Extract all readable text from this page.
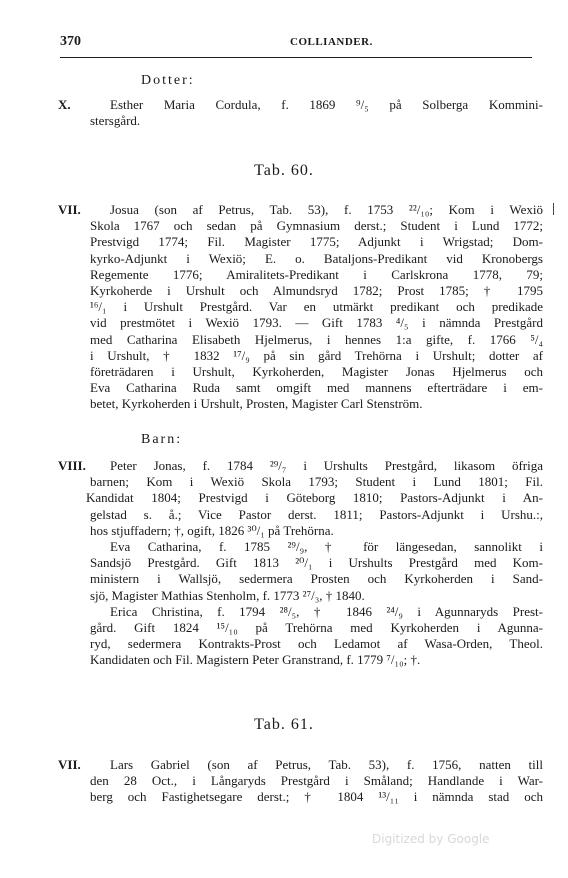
370	COLLIANDER.
Dotter:
X.	Esther Maria Cordula, f. 1869 ⁹/₅ på Solberga Kommini-
stersgård.
Tab. 60.
VII.	Josua (son af Petrus, Tab. 53), f. 1753 ²²/₁₀; Kom i Wexiö
Skola 1767 och sedan på Gymnasium derst.; Student i Lund 1772;
Prestvigd 1774; Fil. Magister 1775; Adjunkt i Wrigstad; Dom-
kyrko-Adjunkt i Wexiö; E. o. Bataljons-Predikant vid Kronobergs
Regemente 1776; Amiralitets-Predikant i Carlskrona 1778, 79;
Kyrkoherde i Urshult och Almundsryd 1782; Prost 1785; † 1795
¹⁶/₁ i Urshult Prestgård. Var en utmärkt predikant och predikade
vid prestmötet i Wexiö 1793. — Gift 1783 ⁴/₅ i nämnda Prestgård
med Catharina Elisabeth Hjelmerus, i hennes 1:a gifte, f. 1766 ⁵/₄
i Urshult, † 1832 ¹⁷/₉ på sin gård Trehörna i Urshult; dotter af
företrädaren i Urshult, Kyrkoherden, Magister Jonas Hjelmerus och
Eva Catharina Ruda samt omgift med mannens efterträdare i em-
betet, Kyrkoherden i Urshult, Prosten, Magister Carl Stenström.
Barn:
VIII.	Peter Jonas, f. 1784 ²⁹/₇ i Urshults Prestgård, likasom öfriga
barnen; Kom i Wexiö Skola 1793; Student i Lund 1801; Fil.
Kandidat 1804; Prestvigd i Göteborg 1810; Pastors-Adjunkt i An-
gelstad s. å.; Vice Pastor derst. 1811; Pastors-Adjunkt i Urshu.:,
hos stjuffadern; †, ogift, 1826 ³⁰/₁ på Trehörna.
Eva Catharina, f. 1785 ²⁹/₉, † för längesedan, sannolikt i
Sandsjö Prestgård. Gift 1813 ²⁰/₁ i Urshults Prestgård med Kom-
ministern i Wallsjö, sedermera Prosten och Kyrkoherden i Sand-
sjö, Magister Mathias Stenholm, f. 1773 ²⁷/₃, † 1840.
Erica Christina, f. 1794 ²⁸/₅, † 1846 ²⁴/₉ i Agunnaryds Prest-
gård. Gift 1824 ¹⁵/₁₀ på Trehörna med Kyrkoherden i Agunna-
ryd, sedermera Kontrakts-Prost och Ledamot af Wasa-Orden, Theol.
Kandidaten och Fil. Magistern Peter Granstrand, f. 1779 ⁷/₁₀; †.
Tab. 61.
VII.	Lars Gabriel (son af Petrus, Tab. 53), f. 1756, natten till
den 28 Oct., i Långaryds Prestgård i Småland; Handlande i War-
berg och Fastighetsegare derst.; † 1804 ¹³/₁₁ i nämnda stad och
Digitized by Google
